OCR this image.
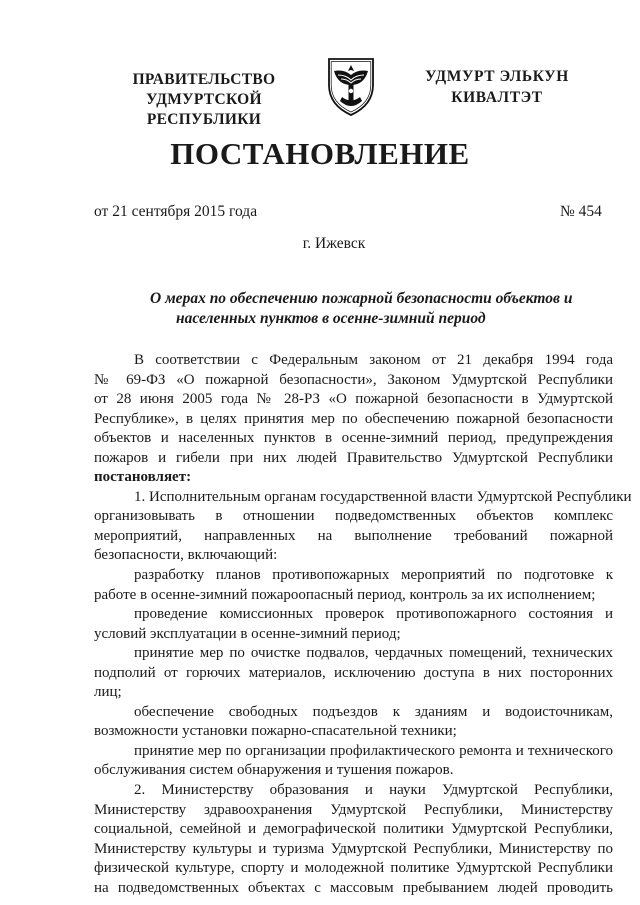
ПРАВИТЕЛЬСТВО
УДМУРТСКОЙ РЕСПУБЛИКИ
УДМУРТ ЭЛЬКУН
КИВАЛТЭТ
ПОСТАНОВЛЕНИЕ
от 21 сентября 2015 года	№ 454
г. Ижевск
О мерах по обеспечению пожарной безопасности объектов и
населенных пунктов в осенне-зимний период
В соответствии с Федеральным законом от 21 декабря 1994 года
№ 69-ФЗ «О пожарной безопасности», Законом Удмуртской Республики
от 28 июня 2005 года № 28-РЗ «О пожарной безопасности в Удмуртской
Республике», в целях принятия мер по обеспечению пожарной безопасности
объектов и населенных пунктов в осенне-зимний период, предупреждения
пожаров и гибели при них людей Правительство Удмуртской Республики
постановляет:
1. Исполнительным органам государственной власти Удмуртской Республики
организовывать в отношении подведомственных объектов комплекс
мероприятий, направленных на выполнение требований пожарной
безопасности, включающий:
разработку планов противопожарных мероприятий по подготовке к
работе в осенне-зимний пожароопасный период, контроль за их исполнением;
проведение комиссионных проверок противопожарного состояния и
условий эксплуатации в осенне-зимний период;
принятие мер по очистке подвалов, чердачных помещений, технических
подполий от горючих материалов, исключению доступа в них посторонних
лиц;
обеспечение свободных подъездов к зданиям и водоисточникам,
возможности установки пожарно-спасательной техники;
принятие мер по организации профилактического ремонта и технического
обслуживания систем обнаружения и тушения пожаров.
2. Министерству образования и науки Удмуртской Республики,
Министерству здравоохранения Удмуртской Республики, Министерству
социальной, семейной и демографической политики Удмуртской Республики,
Министерству культуры и туризма Удмуртской Республики, Министерству по
физической культуре, спорту и молодежной политике Удмуртской Республики
на подведомственных объектах с массовым пребыванием людей проводить
